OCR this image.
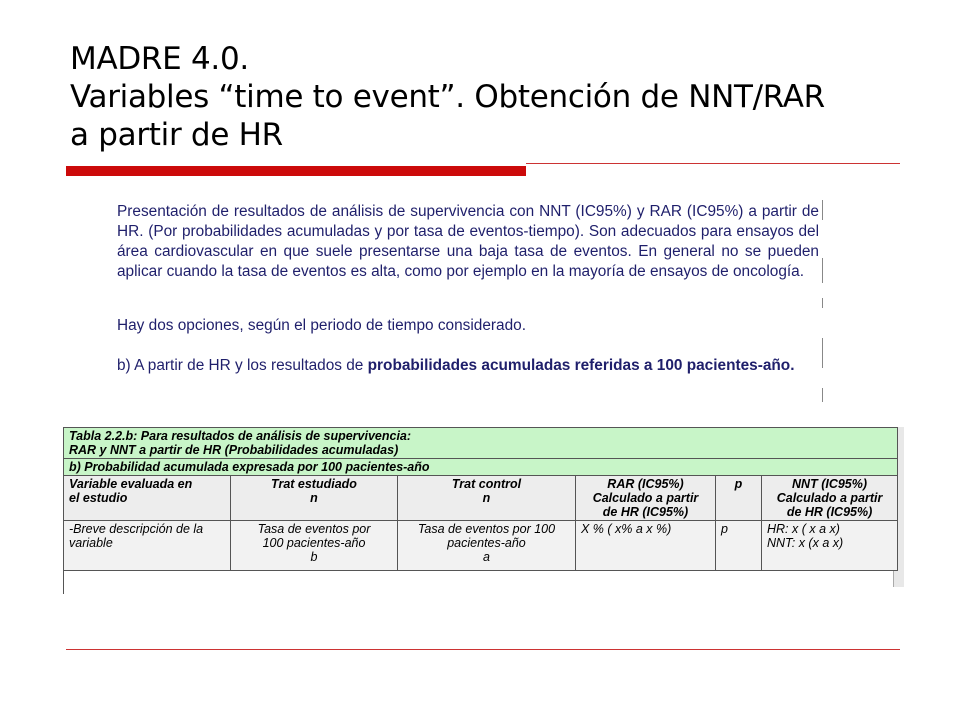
MADRE 4.0.
Variables “time to event”. Obtención de NNT/RAR
a partir de HR

Presentación de resultados de análisis de supervivencia con NNT (IC95%) y RAR (IC95%) a partir de HR. (Por probabilidades acumuladas y por tasa de eventos-tiempo). Son adecuados para ensayos del área cardiovascular en que suele presentarse una baja tasa de eventos. En general no se pueden aplicar cuando la tasa de eventos es alta, como por ejemplo en la mayoría de ensayos de oncología.

Hay dos opciones, según el periodo de tiempo considerado.

b) A partir de HR y los resultados de probabilidades acumuladas referidas a 100 pacientes-año.

Tabla 2.2.b: Para resultados de análisis de supervivencia:
RAR y NNT a partir de HR (Probabilidades acumuladas)					

b) Probabilidad acumulada expresada por 100 pacientes-año					

Variable evaluada en
el estudio	Trat estudiado
n	Trat control
n	RAR (IC95%)
Calculado a partir
de HR (IC95%)	p	NNT (IC95%)
Calculado a partir
de HR (IC95%)

-Breve descripción de la
variable	Tasa de eventos por
100 pacientes-año
b	Tasa de eventos por 100
pacientes-año
a	X % ( x% a x %)	p	HR: x ( x a x)
NNT: x (x a x)
